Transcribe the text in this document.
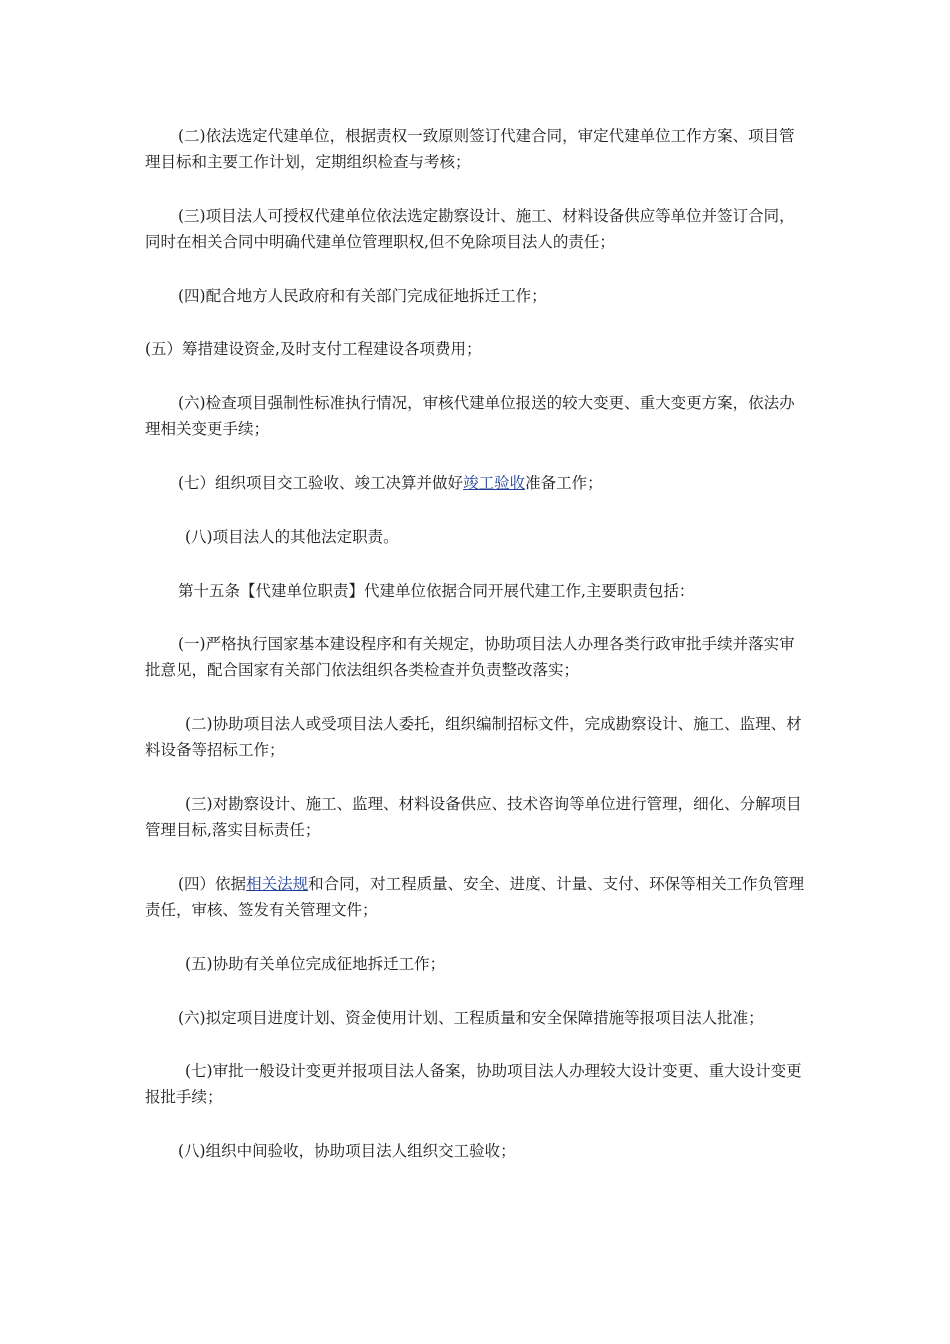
(二)依法选定代建单位，根据责权一致原则签订代建合同，审定代建单位工作方案、项目管理目标和主要工作计划，定期组织检查与考核；

(三)项目法人可授权代建单位依法选定勘察设计、施工、材料设备供应等单位并签订合同，同时在相关合同中明确代建单位管理职权,但不免除项目法人的责任；

(四)配合地方人民政府和有关部门完成征地拆迁工作；

(五）筹措建设资金,及时支付工程建设各项费用；

(六)检查项目强制性标准执行情况，审核代建单位报送的较大变更、重大变更方案，依法办理相关变更手续；

(七）组织项目交工验收、竣工决算并做好竣工验收准备工作；

(八)项目法人的其他法定职责。

第十五条【代建单位职责】代建单位依据合同开展代建工作,主要职责包括：

(一)严格执行国家基本建设程序和有关规定，协助项目法人办理各类行政审批手续并落实审批意见，配合国家有关部门依法组织各类检查并负责整改落实；

(二)协助项目法人或受项目法人委托，组织编制招标文件，完成勘察设计、施工、监理、材料设备等招标工作；

(三)对勘察设计、施工、监理、材料设备供应、技术咨询等单位进行管理，细化、分解项目管理目标,落实目标责任；

(四）依据相关法规和合同，对工程质量、安全、进度、计量、支付、环保等相关工作负管理责任，审核、签发有关管理文件；

(五)协助有关单位完成征地拆迁工作；

(六)拟定项目进度计划、资金使用计划、工程质量和安全保障措施等报项目法人批准；

(七)审批一般设计变更并报项目法人备案，协助项目法人办理较大设计变更、重大设计变更报批手续；

(八)组织中间验收，协助项目法人组织交工验收；
